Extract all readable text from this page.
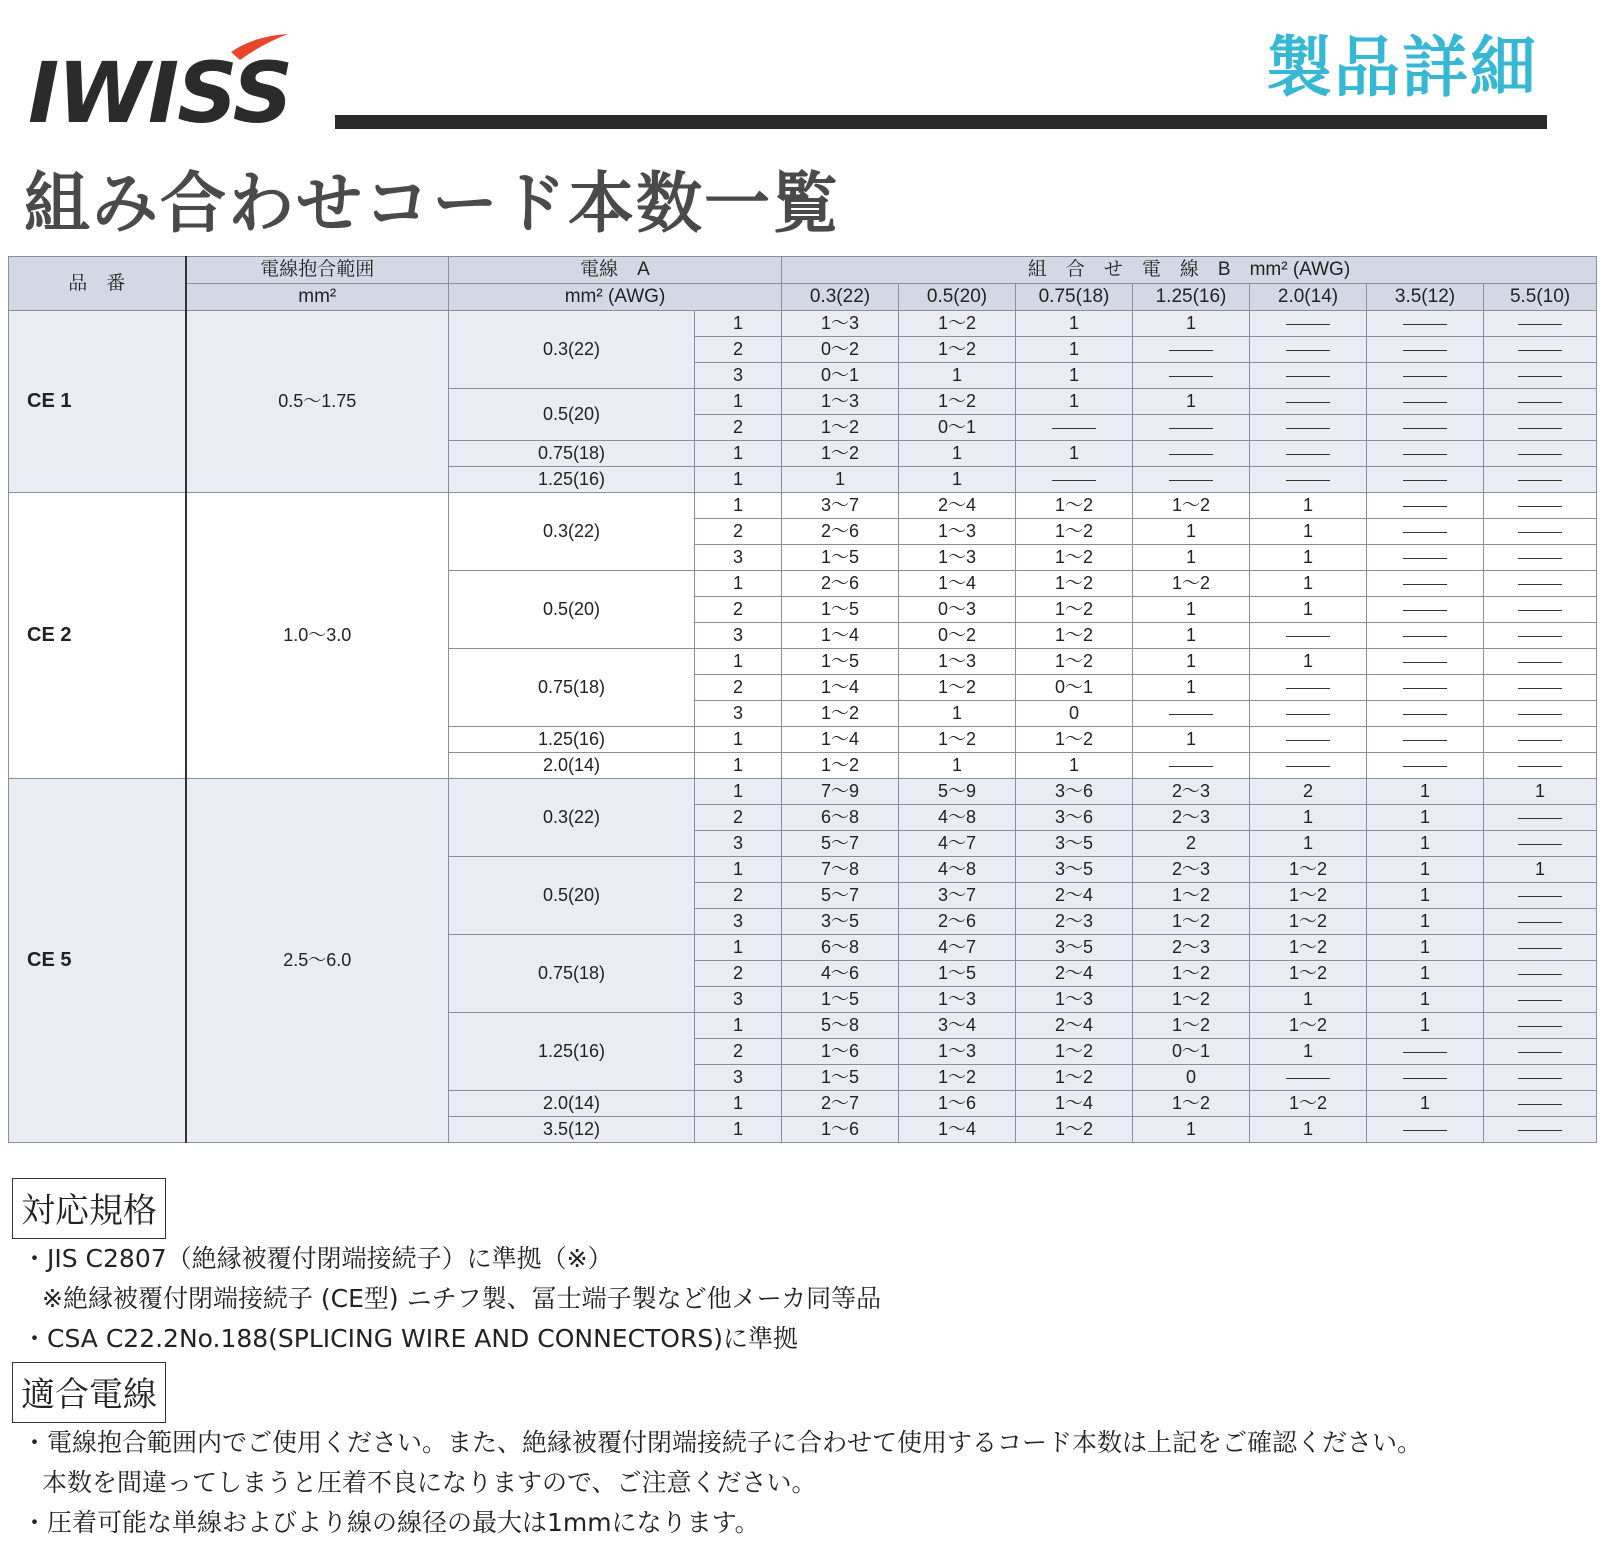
IWISS	製品詳細
組み合わせコード本数一覧
品　番	電線抱合範囲	電線　A		組　合　せ　電　線　B　mm² (AWG)						
	mm²	mm² (AWG)		0.3(22)	0.5(20)	0.75(18)	1.25(16)	2.0(14)	3.5(12)	5.5(10)
CE 1	0.5〜1.75	0.3(22)	1	1〜3	1〜2	1	1			
			2	0〜2	1〜2	1				
			3	0〜1	1	1				
		0.5(20)	1	1〜3	1〜2	1	1			
			2	1〜2	0〜1					
		0.75(18)	1	1〜2	1	1				
		1.25(16)	1	1	1					
CE 2	1.0〜3.0	0.3(22)	1	3〜7	2〜4	1〜2	1〜2	1		
			2	2〜6	1〜3	1〜2	1	1		
			3	1〜5	1〜3	1〜2	1	1		
		0.5(20)	1	2〜6	1〜4	1〜2	1〜2	1		
			2	1〜5	0〜3	1〜2	1	1		
			3	1〜4	0〜2	1〜2	1			
		0.75(18)	1	1〜5	1〜3	1〜2	1	1		
			2	1〜4	1〜2	0〜1	1			
			3	1〜2	1	0				
		1.25(16)	1	1〜4	1〜2	1〜2	1			
		2.0(14)	1	1〜2	1	1				
CE 5	2.5〜6.0	0.3(22)	1	7〜9	5〜9	3〜6	2〜3	2	1	1
			2	6〜8	4〜8	3〜6	2〜3	1	1	
			3	5〜7	4〜7	3〜5	2	1	1	
		0.5(20)	1	7〜8	4〜8	3〜5	2〜3	1〜2	1	1
			2	5〜7	3〜7	2〜4	1〜2	1〜2	1	
			3	3〜5	2〜6	2〜3	1〜2	1〜2	1	
		0.75(18)	1	6〜8	4〜7	3〜5	2〜3	1〜2	1	
			2	4〜6	1〜5	2〜4	1〜2	1〜2	1	
			3	1〜5	1〜3	1〜3	1〜2	1	1	
		1.25(16)	1	5〜8	3〜4	2〜4	1〜2	1〜2	1	
			2	1〜6	1〜3	1〜2	0〜1	1		
			3	1〜5	1〜2	1〜2	0			
		2.0(14)	1	2〜7	1〜6	1〜4	1〜2	1〜2	1	
		3.5(12)	1	1〜6	1〜4	1〜2	1	1		
対応規格

・JIS C2807（絶縁被覆付閉端接続子）に準拠（※）

※絶縁被覆付閉端接続子 (CE型) ニチフ製、冨士端子製など他メーカ同等品

・CSA C22.2No.188(SPLICING WIRE AND CONNECTORS)に準拠

適合電線

・電線抱合範囲内でご使用ください。また、絶縁被覆付閉端接続子に合わせて使用するコード本数は上記をご確認ください。

本数を間違ってしまうと圧着不良になりますので、ご注意ください。

・圧着可能な単線およびより線の線径の最大は1mmになります。
